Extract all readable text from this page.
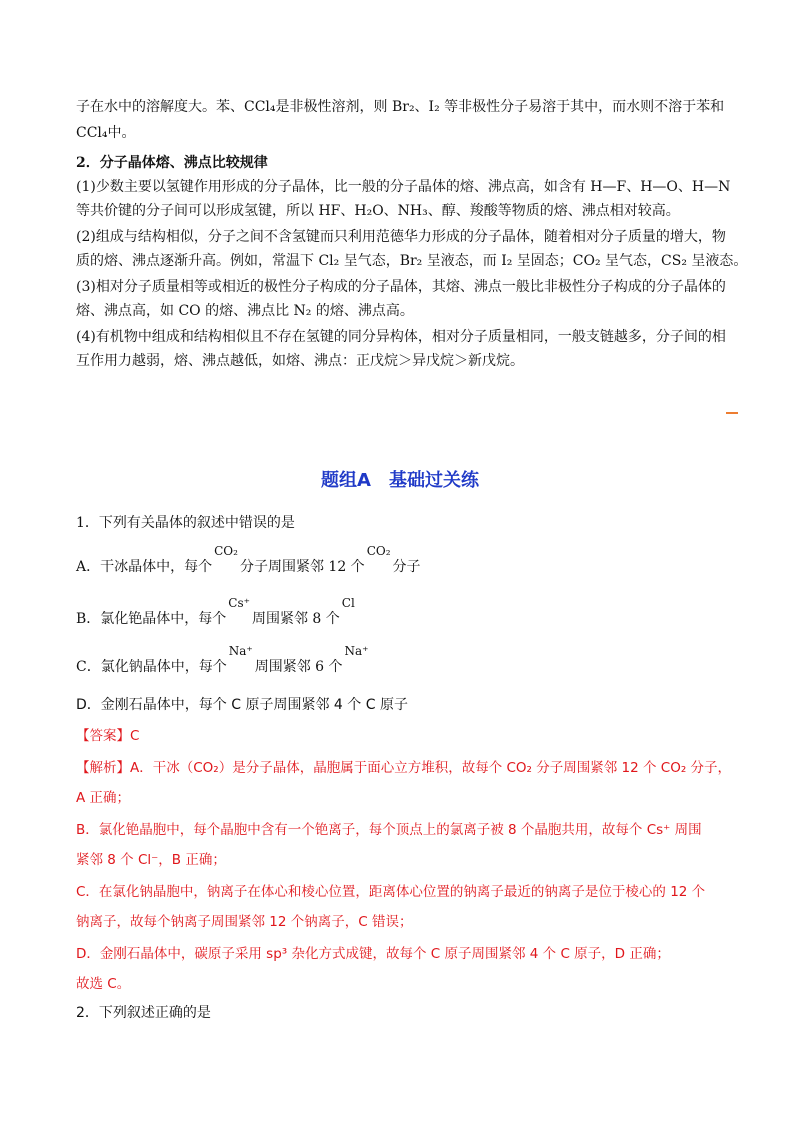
子在水中的溶解度大。苯、CCl₄是非极性溶剂，则 Br₂、I₂ 等非极性分子易溶于其中，而水则不溶于苯和
CCl₄中。
2．分子晶体熔、沸点比较规律
(1)少数主要以氢键作用形成的分子晶体，比一般的分子晶体的熔、沸点高，如含有 H—F、H—O、H—N
等共价键的分子间可以形成氢键，所以 HF、H₂O、NH₃、醇、羧酸等物质的熔、沸点相对较高。
(2)组成与结构相似，分子之间不含氢键而只利用范德华力形成的分子晶体，随着相对分子质量的增大，物
质的熔、沸点逐渐升高。例如，常温下 Cl₂ 呈气态，Br₂ 呈液态，而 I₂ 呈固态；CO₂ 呈气态，CS₂ 呈液态。
(3)相对分子质量相等或相近的极性分子构成的分子晶体，其熔、沸点一般比非极性分子构成的分子晶体的
熔、沸点高，如 CO 的熔、沸点比 N₂ 的熔、沸点高。
(4)有机物中组成和结构相似且不存在氢键的同分异构体，相对分子质量相同，一般支链越多，分子间的相
互作用力越弱，熔、沸点越低，如熔、沸点：正戊烷＞异戊烷＞新戊烷。
题组A　基础过关练
1．下列有关晶体的叙述中错误的是
A．干冰晶体中，每个CO₂分子周围紧邻 12 个CO₂分子
B．氯化铯晶体中，每个Cs⁺周围紧邻 8 个Cl
C．氯化钠晶体中，每个Na⁺周围紧邻 6 个Na⁺
D．金刚石晶体中，每个 C 原子周围紧邻 4 个 C 原子
【答案】C
【解析】A．干冰（CO₂）是分子晶体，晶胞属于面心立方堆积，故每个 CO₂ 分子周围紧邻 12 个 CO₂ 分子，
A 正确；
B．氯化铯晶胞中，每个晶胞中含有一个铯离子，每个顶点上的氯离子被 8 个晶胞共用，故每个 Cs⁺ 周围
紧邻 8 个 Cl⁻，B 正确；
C．在氯化钠晶胞中，钠离子在体心和棱心位置，距离体心位置的钠离子最近的钠离子是位于棱心的 12 个
钠离子，故每个钠离子周围紧邻 12 个钠离子，C 错误；
D．金刚石晶体中，碳原子采用 sp³ 杂化方式成键，故每个 C 原子周围紧邻 4 个 C 原子，D 正确；
故选 C。
2．下列叙述正确的是
